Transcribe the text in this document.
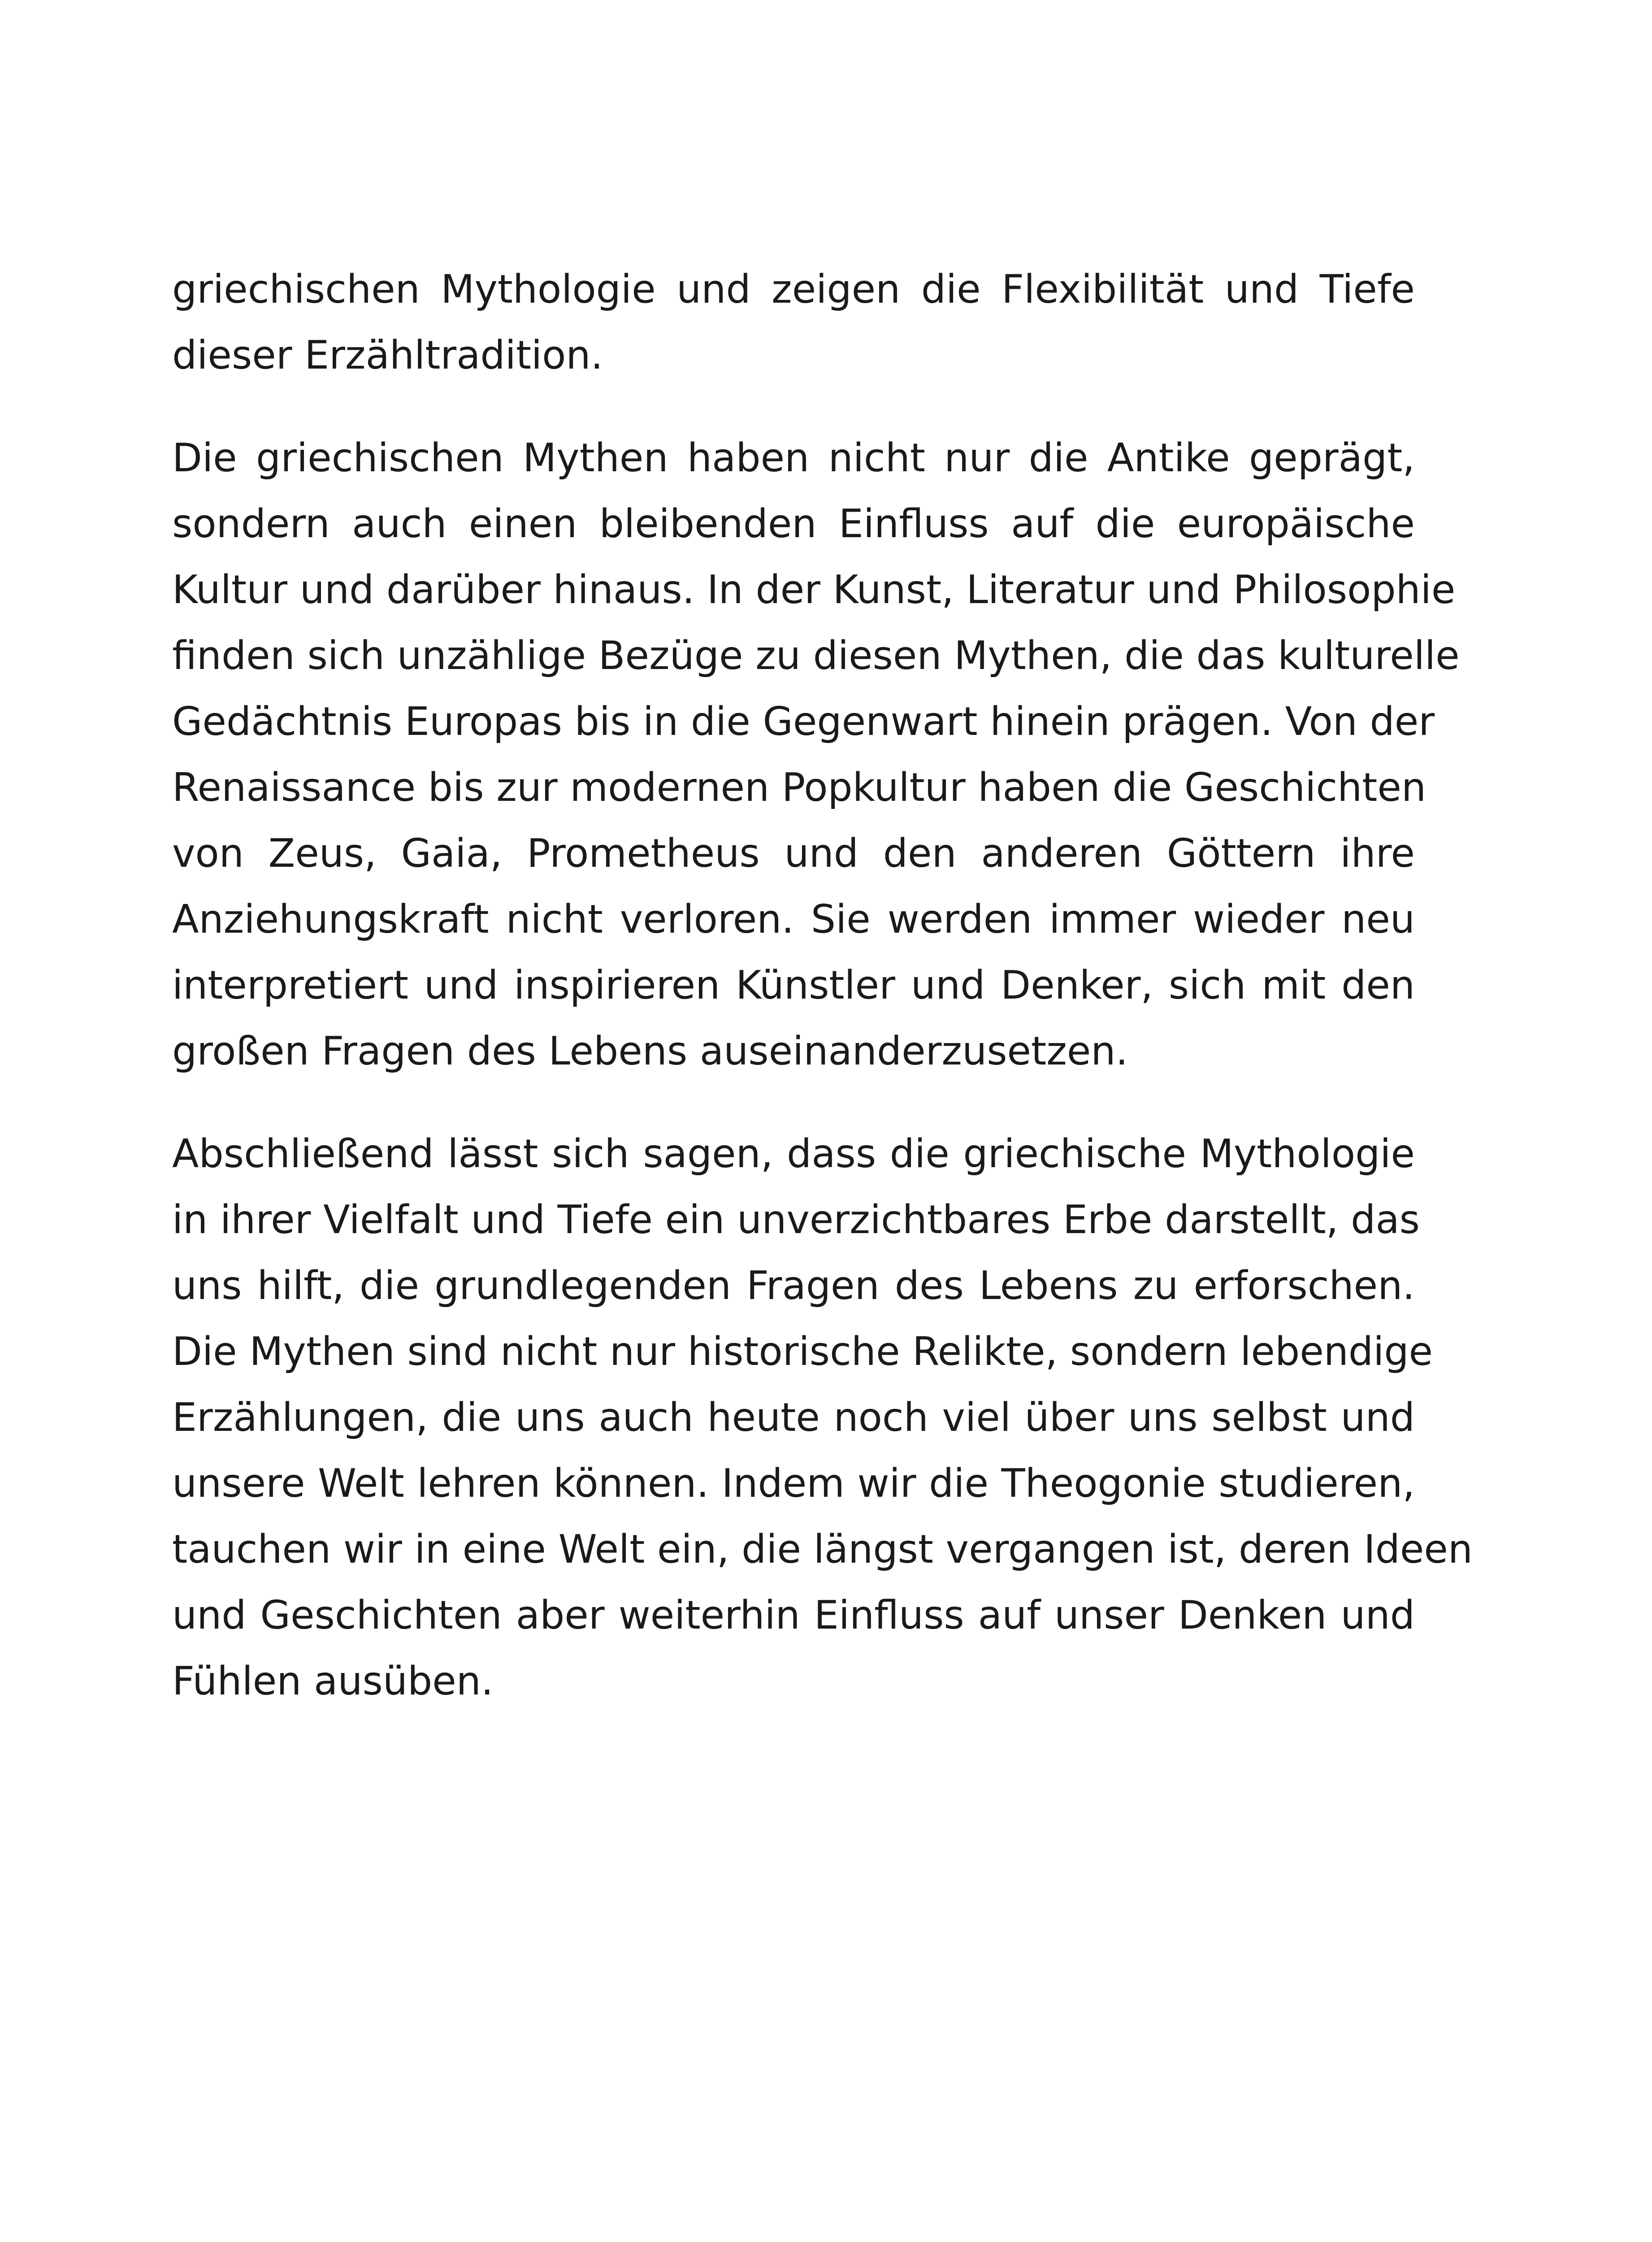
griechischen Mythologie und zeigen die Flexibilität und Tiefe
dieser Erzähltradition.
Die griechischen Mythen haben nicht nur die Antike geprägt,
sondern auch einen bleibenden Einfluss auf die europäische
Kultur und darüber hinaus. In der Kunst, Literatur und Philosophie
finden sich unzählige Bezüge zu diesen Mythen, die das kulturelle
Gedächtnis Europas bis in die Gegenwart hinein prägen. Von der
Renaissance bis zur modernen Popkultur haben die Geschichten
von Zeus, Gaia, Prometheus und den anderen Göttern ihre
Anziehungskraft nicht verloren. Sie werden immer wieder neu
interpretiert und inspirieren Künstler und Denker, sich mit den
großen Fragen des Lebens auseinanderzusetzen.
Abschließend lässt sich sagen, dass die griechische Mythologie
in ihrer Vielfalt und Tiefe ein unverzichtbares Erbe darstellt, das
uns hilft, die grundlegenden Fragen des Lebens zu erforschen.
Die Mythen sind nicht nur historische Relikte, sondern lebendige
Erzählungen, die uns auch heute noch viel über uns selbst und
unsere Welt lehren können. Indem wir die Theogonie studieren,
tauchen wir in eine Welt ein, die längst vergangen ist, deren Ideen
und Geschichten aber weiterhin Einfluss auf unser Denken und
Fühlen ausüben.
